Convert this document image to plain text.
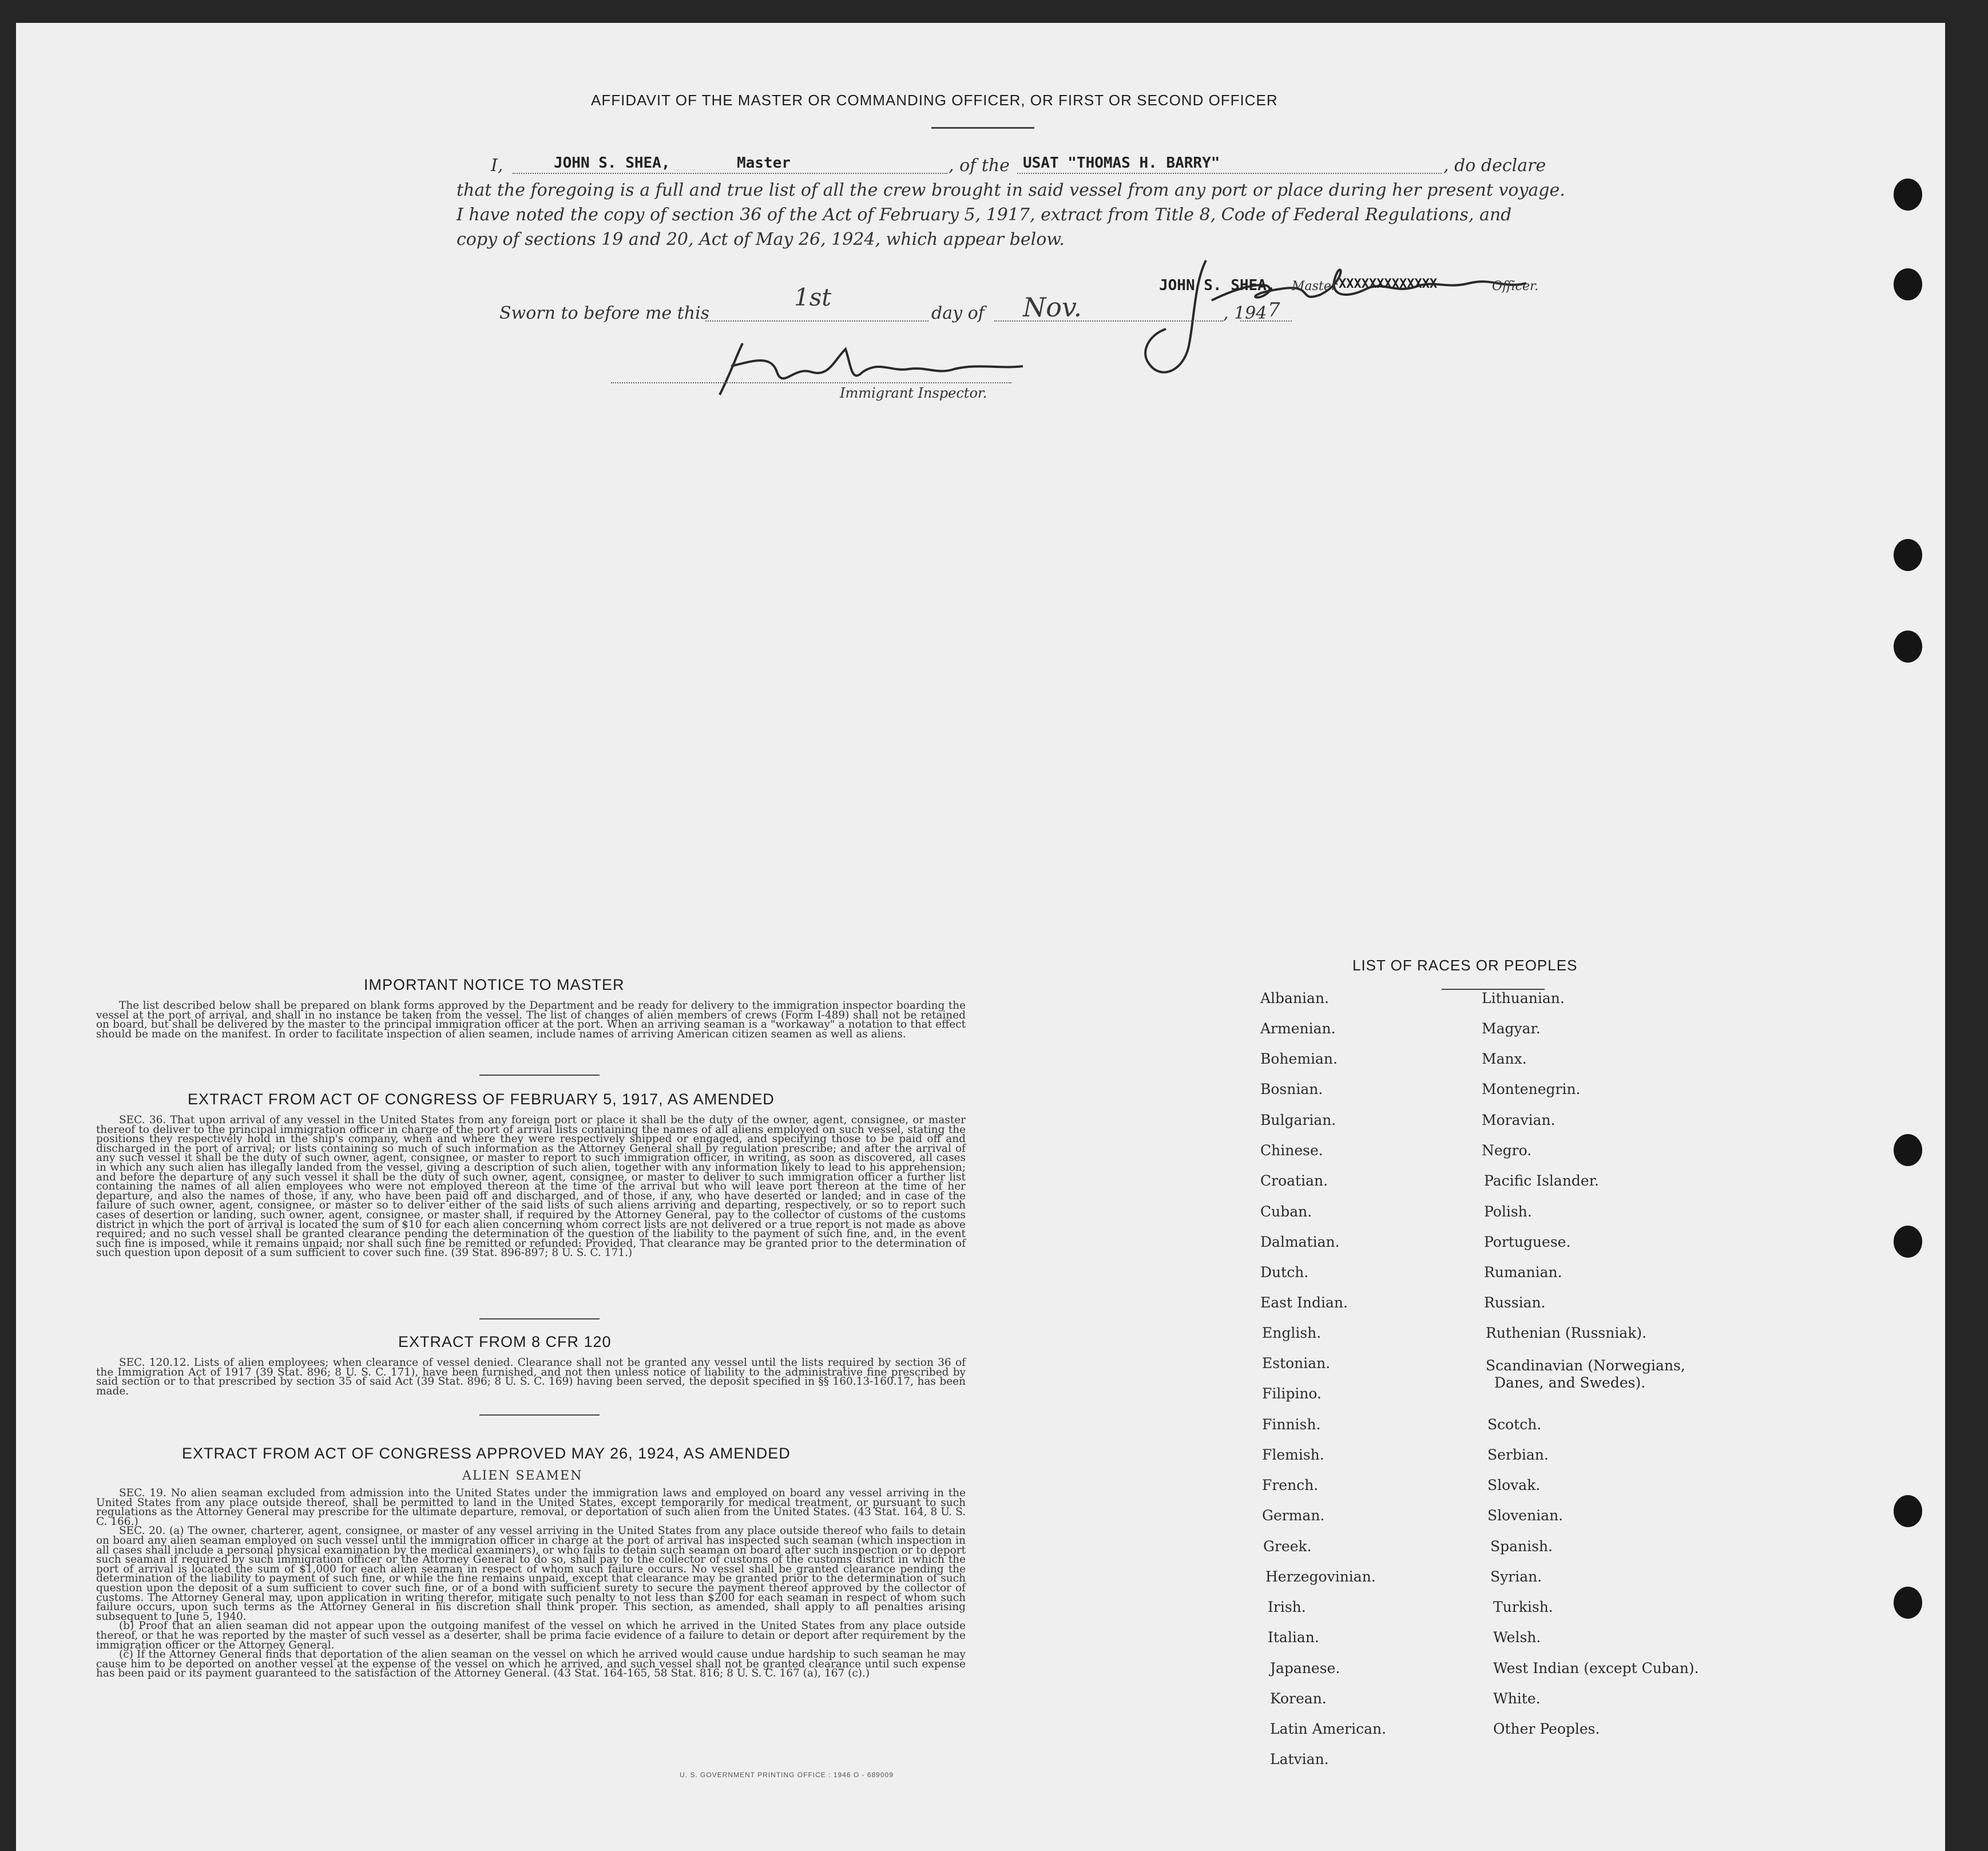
AFFIDAVIT OF THE MASTER OR COMMANDING OFFICER, OR FIRST OR SECOND OFFICER
I,	JOHN S. SHEA,	Master	, of the USAT "THOMAS H. BARRY"	, do declare
that the foregoing is a full and true list of all the crew brought in said vessel from any port or place during her present voyage.
I have noted the copy of section 36 of the Act of February 5, 1917, extract from Title 8, Code of Federal Regulations, and
copy of sections 19 and 20, Act of May 26, 1924, which appear below.
JOHN S. SHEA, Master XXXXXXXXXXXXX	Officer.
Sworn to before me this
1st
day of Nov.	, 194 7
Immigrant Inspector.
IMPORTANT NOTICE TO MASTER

The list described below shall be prepared on blank forms approved by the Department and be ready for delivery to the immigration inspector boarding the vessel at the port of arrival, and shall in no instance be taken from the vessel. The list of changes of alien members of crews (Form I-489) shall not be retained on board, but shall be delivered by the master to the principal immigration officer at the port. When an arriving seaman is a "workaway" a notation to that effect should be made on the manifest. In order to facilitate inspection of alien seamen, include names of arriving American citizen seamen as well as aliens.

EXTRACT FROM ACT OF CONGRESS OF FEBRUARY 5, 1917, AS AMENDED

SEC. 36. That upon arrival of any vessel in the United States from any foreign port or place it shall be the duty of the owner, agent, consignee, or master thereof to deliver to the principal immigration officer in charge of the port of arrival lists containing the names of all aliens employed on such vessel, stating the positions they respectively hold in the ship's company, when and where they were respectively shipped or engaged, and specifying those to be paid off and discharged in the port of arrival; or lists containing so much of such information as the Attorney General shall by regulation prescribe; and after the arrival of any such vessel it shall be the duty of such owner, agent, consignee, or master to report to such immigration officer, in writing, as soon as discovered, all cases in which any such alien has illegally landed from the vessel, giving a description of such alien, together with any information likely to lead to his apprehension; and before the departure of any such vessel it shall be the duty of such owner, agent, consignee, or master to deliver to such immigration officer a further list containing the names of all alien employees who were not employed thereon at the time of the arrival but who will leave port thereon at the time of her departure, and also the names of those, if any, who have been paid off and discharged, and of those, if any, who have deserted or landed; and in case of the failure of such owner, agent, consignee, or master so to deliver either of the said lists of such aliens arriving and departing, respectively, or so to report such cases of desertion or landing, such owner, agent, consignee, or master shall, if required by the Attorney General, pay to the collector of customs of the customs district in which the port of arrival is located the sum of $10 for each alien concerning whom correct lists are not delivered or a true report is not made as above required; and no such vessel shall be granted clearance pending the determination of the question of the liability to the payment of such fine, and, in the event such fine is imposed, while it remains unpaid; nor shall such fine be remitted or refunded: Provided, That clearance may be granted prior to the determination of such question upon deposit of a sum sufficient to cover such fine. (39 Stat. 896-897; 8 U. S. C. 171.)

EXTRACT FROM 8 CFR 120

SEC. 120.12. Lists of alien employees; when clearance of vessel denied. Clearance shall not be granted any vessel until the lists required by section 36 of the Immigration Act of 1917 (39 Stat. 896; 8 U. S. C. 171), have been furnished, and not then unless notice of liability to the administrative fine prescribed by said section or to that prescribed by section 35 of said Act (39 Stat. 896; 8 U. S. C. 169) having been served, the deposit specified in §§ 160.13-160.17, has been made.

EXTRACT FROM ACT OF CONGRESS APPROVED MAY 26, 1924, AS AMENDED
ALIEN SEAMEN

SEC. 19. No alien seaman excluded from admission into the United States under the immigration laws and employed on board any vessel arriving in the United States from any place outside thereof, shall be permitted to land in the United States, except temporarily for medical treatment, or pursuant to such regulations as the Attorney General may prescribe for the ultimate departure, removal, or deportation of such alien from the United States. (43 Stat. 164, 8 U. S. C. 166.)

SEC. 20. (a) The owner, charterer, agent, consignee, or master of any vessel arriving in the United States from any place outside thereof who fails to detain on board any alien seaman employed on such vessel until the immigration officer in charge at the port of arrival has inspected such seaman (which inspection in all cases shall include a personal physical examination by the medical examiners), or who fails to detain such seaman on board after such inspection or to deport such seaman if required by such immigration officer or the Attorney General to do so, shall pay to the collector of customs of the customs district in which the port of arrival is located the sum of $1,000 for each alien seaman in respect of whom such failure occurs. No vessel shall be granted clearance pending the determination of the liability to payment of such fine, or while the fine remains unpaid, except that clearance may be granted prior to the determination of such question upon the deposit of a sum sufficient to cover such fine, or of a bond with sufficient surety to secure the payment thereof approved by the collector of customs. The Attorney General may, upon application in writing therefor, mitigate such penalty to not less than $200 for each seaman in respect of whom such failure occurs, upon such terms as the Attorney General in his discretion shall think proper. This section, as amended, shall apply to all penalties arising subsequent to June 5, 1940.

(b) Proof that an alien seaman did not appear upon the outgoing manifest of the vessel on which he arrived in the United States from any place outside thereof, or that he was reported by the master of such vessel as a deserter, shall be prima facie evidence of a failure to detain or deport after requirement by the immigration officer or the Attorney General.

(c) If the Attorney General finds that deportation of the alien seaman on the vessel on which he arrived would cause undue hardship to such seaman he may cause him to be deported on another vessel at the expense of the vessel on which he arrived, and such vessel shall not be granted clearance until such expense has been paid or its payment guaranteed to the satisfaction of the Attorney General. (43 Stat. 164-165, 58 Stat. 816; 8 U. S. C. 167 (a), 167 (c).)

U. S. GOVERNMENT PRINTING OFFICE : 1946 O - 689009
LIST OF RACES OR PEOPLES
Albanian.
Armenian.
Bohemian.
Bosnian.
Bulgarian.
Chinese.
Croatian.
Cuban.
Dalmatian.
Dutch.
East Indian.
English.
Estonian.
Filipino.
Finnish.
Flemish.
French.
German.
Greek.
Herzegovinian.
Irish.
Italian.
Japanese.
Korean.
Latin American.
Latvian.
Lithuanian.
Magyar.
Manx.
Montenegrin.
Moravian.
Negro.
Pacific Islander.
Polish.
Portuguese.
Rumanian.
Russian.
Ruthenian (Russniak).
Scandinavian (Norwegians,
Danes, and Swedes).
Scotch.
Serbian.
Slovak.
Slovenian.
Spanish.
Syrian.
Turkish.
Welsh.
West Indian (except Cuban).
White.
Other Peoples.
